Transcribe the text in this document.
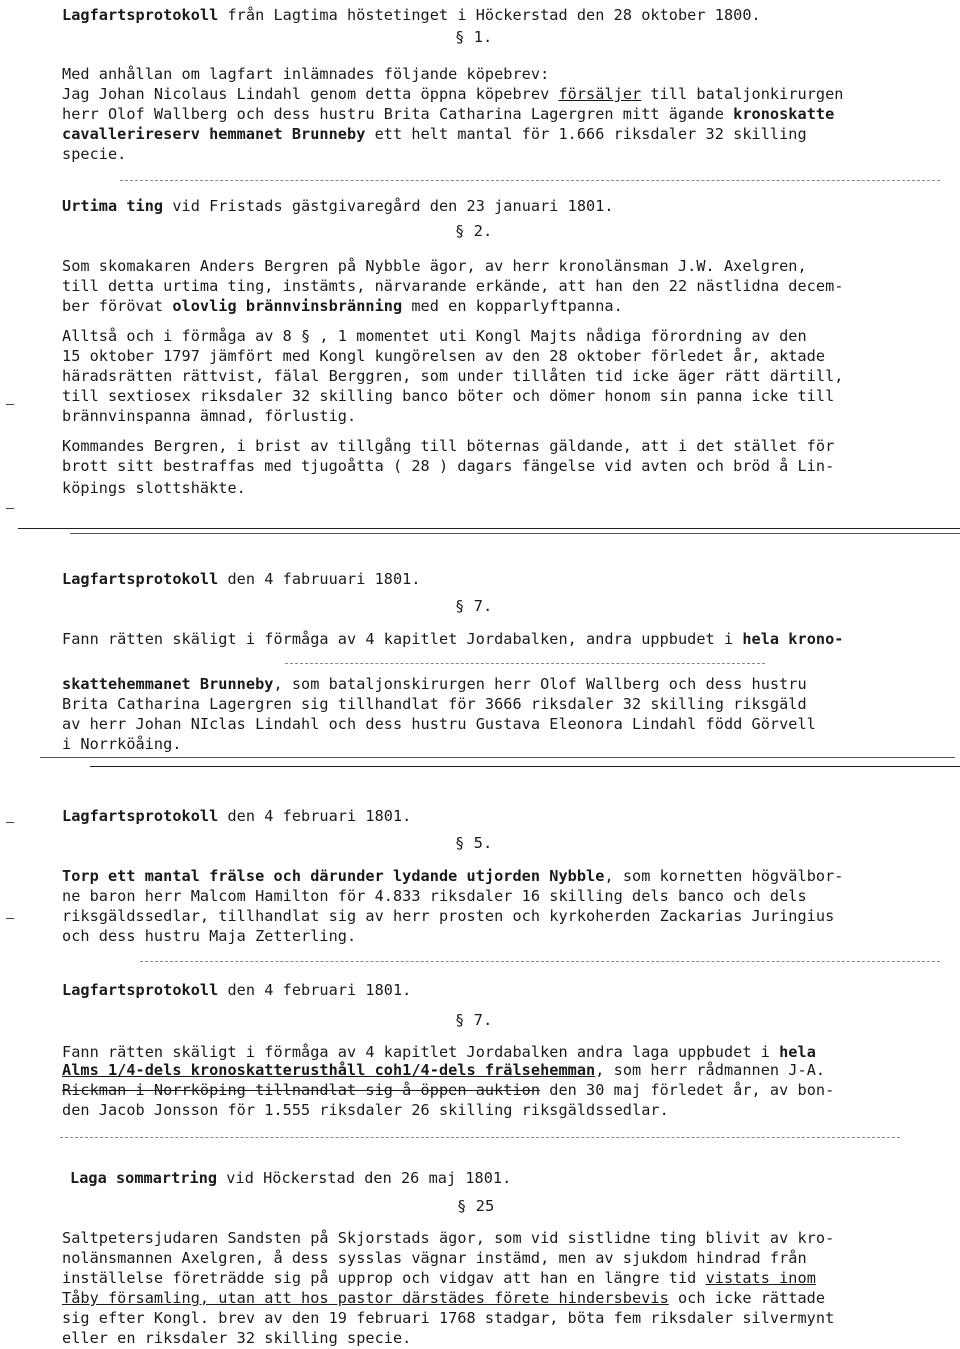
Lagfartsprotokoll från Lagtima höstetinget i Höckerstad den 28 oktober 1800.
§ 1.
Med anhållan om lagfart inlämnades följande köpebrev:
Jag Johan Nicolaus Lindahl genom detta öppna köpebrev försäljer till bataljonkirurgen
herr Olof Wallberg och dess hustru Brita Catharina Lagergren mitt ägande kronoskatte
cavallerireserv hemmanet Brunneby ett helt mantal för 1.666 riksdaler 32 skilling
specie.
Urtima ting vid Fristads gästgivaregård den 23 januari 1801.
§ 2.
Som skomakaren Anders Bergren på Nybble ägor, av herr kronolänsman J.W. Axelgren,
till detta urtima ting, instämts, närvarande erkände, att han den 22 nästlidna decem-
ber förövat olovlig brännvinsbränning med en kopparlyftpanna.
Alltså och i förmåga av 8 § , 1 momentet uti Kongl Majts nådiga förordning av den
15 oktober 1797 jämfört med Kongl kungörelsen av den 28 oktober förledet år, aktade
häradsrätten rättvist, fälal Berggren, som under tillåten tid icke äger rätt därtill,
till sextiosex riksdaler 32 skilling banco böter och dömer honom sin panna icke till
brännvinspanna ämnad, förlustig.
Kommandes Bergren, i brist av tillgång till böternas gäldande, att i det stället för
brott sitt bestraffas med tjugoåtta ( 28 ) dagars fängelse vid avten och bröd å Lin-
köpings slottshäkte.
Lagfartsprotokoll den 4 fabruuari 1801.
§ 7.
Fann rätten skäligt i förmåga av 4 kapitlet Jordabalken, andra uppbudet i hela krono-
skattehemmanet Brunneby, som bataljonskirurgen herr Olof Wallberg och dess hustru
Brita Catharina Lagergren sig tillhandlat för 3666 riksdaler 32 skilling riksgäld
av herr Johan NIclas Lindahl och dess hustru Gustava Eleonora Lindahl född Görvell
i Norrköåing.
Lagfartsprotokoll den 4 februari 1801.
§ 5.
Torp ett mantal frälse och därunder lydande utjorden Nybble, som kornetten högvälbor-
ne baron herr Malcom Hamilton för 4.833 riksdaler 16 skilling dels banco och dels
riksgäldssedlar, tillhandlat sig av herr prosten och kyrkoherden Zackarias Juringius
och dess hustru Maja Zetterling.
Lagfartsprotokoll den 4 februari 1801.
§ 7.
Fann rätten skäligt i förmåga av 4 kapitlet Jordabalken andra laga uppbudet i hela
Alms 1/4-dels kronoskatterusthåll coh1/4-dels frälsehemman, som herr rådmannen J-A.
Rickman i Norrköping tillnandlat sig å öppen auktion den 30 maj förledet år, av bon-
den Jacob Jonsson för 1.555 riksdaler 26 skilling riksgäldssedlar.
Laga sommartring vid Höckerstad den 26 maj 1801.
§ 25
Saltpetersjudaren Sandsten på Skjorstads ägor, som vid sistlidne ting blivit av kro-
nolänsmannen Axelgren, å dess sysslas vägnar instämd, men av sjukdom hindrad från
inställelse företrädde sig på upprop och vidgav att han en längre tid vistats inom
Tåby församling, utan att hos pastor därstädes förete hindersbevis och icke rättade
sig efter Kongl. brev av den 19 februari 1768 stadgar, böta fem riksdaler silvermynt
eller en riksdaler 32 skilling specie.
